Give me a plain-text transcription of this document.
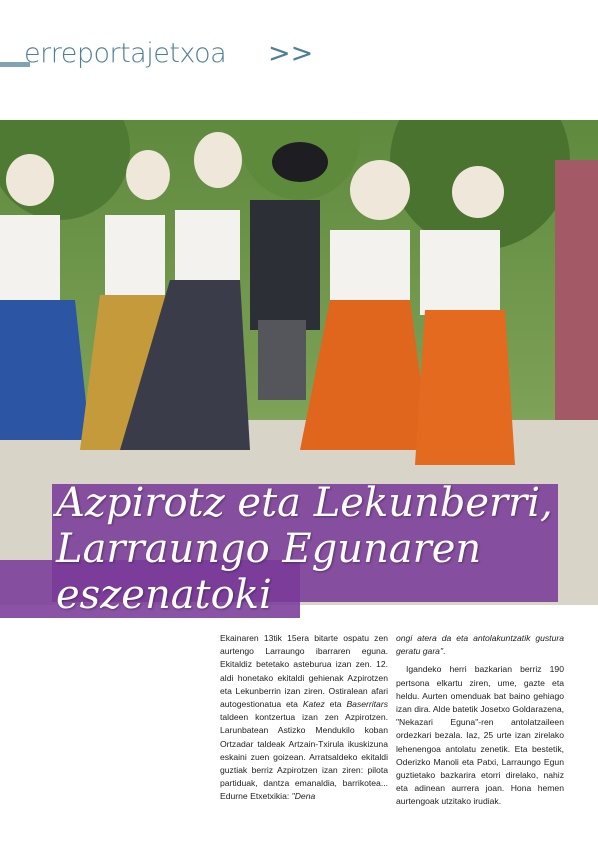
erreportajetxoa >>
Azpirotz eta Lekunberri,
Larraungo Egunaren
eszenatoki

Ekainaren 13tik 15era bitarte ospatu zen aurtengo Larraungo ibarraren eguna. Ekitaldiz betetako asteburua izan zen. 12. aldi honetako ekitaldi gehienak Azpirotzen eta Lekunberrin izan ziren. Ostiralean afari autogestionatua eta Katez eta Baserritars taldeen kontzertua izan zen Azpirotzen. Larunbatean Astizko Mendukilo koban Ortzadar taldeak Artzain-Txirula ikuskizuna eskaini zuen goizean. Arratsaldeko ekitaldi guztiak berriz Azpirotzen izan ziren: pilota partiduak, dantza emanaldia, barrikotea... Edurne Etxetxikia: "Dena

ongi atera da eta antolakuntzatik gustura geratu gara".

Igandeko herri bazkarian berriz 190 pertsona elkartu ziren, ume, gazte eta heldu. Aurten omenduak bat baino gehiago izan dira. Alde batetik Josetxo Goldarazena, "Nekazari Eguna"-ren antolatzaileen ordezkari bezala. Iaz, 25 urte izan zirelako lehenengoa antolatu zenetik. Eta bestetik, Oderizko Manoli eta Patxi, Larraungo Egun guztietako bazkarira etorri direlako, nahiz eta adinean aurrera joan. Hona hemen aurtengoak utzitako irudiak.
